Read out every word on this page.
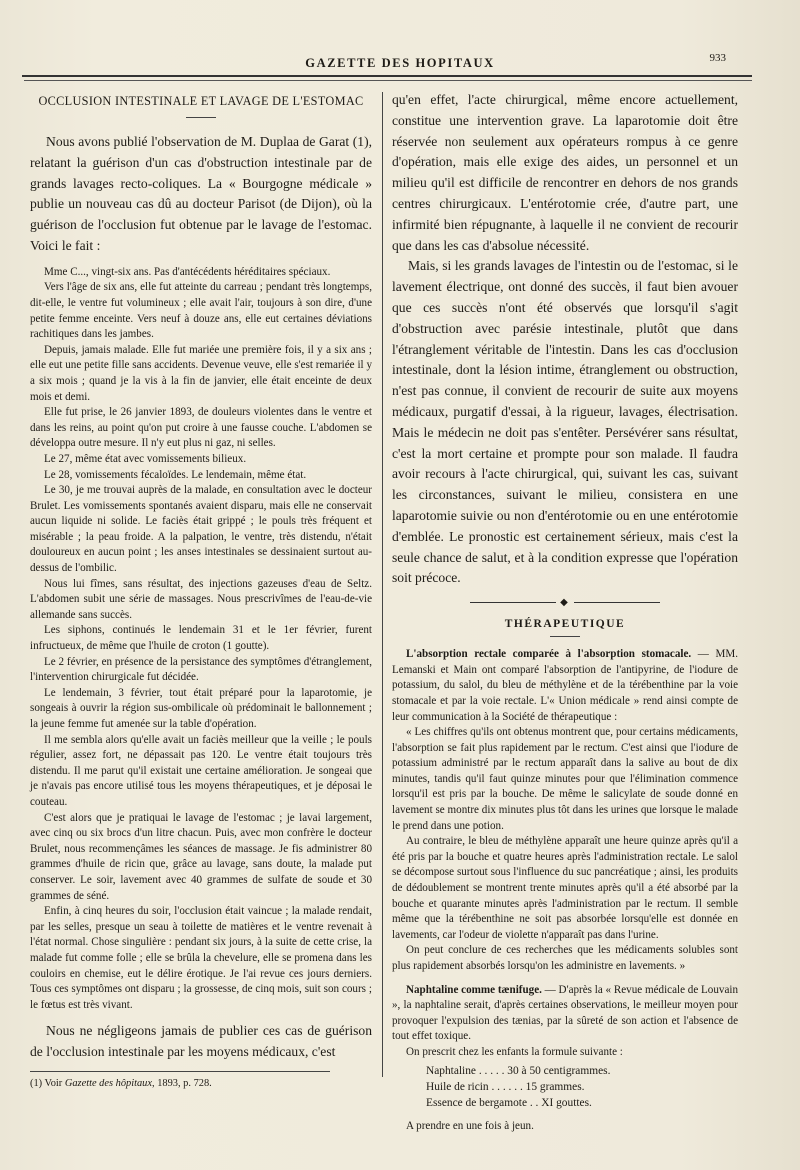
GAZETTE DES HOPITAUX	933
OCCLUSION INTESTINALE ET LAVAGE DE L'ESTOMAC

Nous avons publié l'observation de M. Duplaa de Garat (1), relatant la guérison d'un cas d'obstruction intestinale par de grands lavages recto-coliques. La « Bourgogne médicale » publie un nouveau cas dû au docteur Parisot (de Dijon), où la guérison de l'occlusion fut obtenue par le lavage de l'estomac. Voici le fait :

Mme C..., vingt-six ans. Pas d'antécédents héréditaires spéciaux.

Vers l'âge de six ans, elle fut atteinte du carreau ; pendant très longtemps, dit-elle, le ventre fut volumineux ; elle avait l'air, toujours à son dire, d'une petite femme enceinte. Vers neuf à douze ans, elle eut certaines déviations rachitiques dans les jambes.

Depuis, jamais malade. Elle fut mariée une première fois, il y a six ans ; elle eut une petite fille sans accidents. Devenue veuve, elle s'est remariée il y a six mois ; quand je la vis à la fin de janvier, elle était enceinte de deux mois et demi.

Elle fut prise, le 26 janvier 1893, de douleurs violentes dans le ventre et dans les reins, au point qu'on put croire à une fausse couche. L'abdomen se développa outre mesure. Il n'y eut plus ni gaz, ni selles.

Le 27, même état avec vomissements bilieux.

Le 28, vomissements fécaloïdes. Le lendemain, même état.

Le 30, je me trouvai auprès de la malade, en consultation avec le docteur Brulet. Les vomissements spontanés avaient disparu, mais elle ne conservait aucun liquide ni solide. Le faciès était grippé ; le pouls très fréquent et misérable ; la peau froide. A la palpation, le ventre, très distendu, n'était douloureux en aucun point ; les anses intestinales se dessinaient surtout au-dessus de l'ombilic.

Nous lui fîmes, sans résultat, des injections gazeuses d'eau de Seltz. L'abdomen subit une série de massages. Nous prescrivîmes de l'eau-de-vie allemande sans succès.

Les siphons, continués le lendemain 31 et le 1er février, furent infructueux, de même que l'huile de croton (1 goutte).

Le 2 février, en présence de la persistance des symptômes d'étranglement, l'intervention chirurgicale fut décidée.

Le lendemain, 3 février, tout était préparé pour la laparotomie, je songeais à ouvrir la région sus-ombilicale où prédominait le ballonnement ; la jeune femme fut amenée sur la table d'opération.

Il me sembla alors qu'elle avait un faciès meilleur que la veille ; le pouls régulier, assez fort, ne dépassait pas 120. Le ventre était toujours très distendu. Il me parut qu'il existait une certaine amélioration. Je songeai que je n'avais pas encore utilisé tous les moyens thérapeutiques, et je déposai le couteau.

C'est alors que je pratiquai le lavage de l'estomac ; je lavai largement, avec cinq ou six brocs d'un litre chacun. Puis, avec mon confrère le docteur Brulet, nous recommençâmes les séances de massage. Je fis administrer 80 grammes d'huile de ricin que, grâce au lavage, sans doute, la malade put conserver. Le soir, lavement avec 40 grammes de sulfate de soude et 30 grammes de séné.

Enfin, à cinq heures du soir, l'occlusion était vaincue ; la malade rendait, par les selles, presque un seau à toilette de matières et le ventre revenait à l'état normal. Chose singulière : pendant six jours, à la suite de cette crise, la malade fut comme folle ; elle se brûla la chevelure, elle se promena dans les couloirs en chemise, eut le délire érotique. Je l'ai revue ces jours derniers. Tous ces symptômes ont disparu ; la grossesse, de cinq mois, suit son cours ; le fœtus est très vivant.

Nous ne négligeons jamais de publier ces cas de guérison de l'occlusion intestinale par les moyens médicaux, c'est

(1) Voir Gazette des hôpitaux, 1893, p. 728.

qu'en effet, l'acte chirurgical, même encore actuellement, constitue une intervention grave. La laparotomie doit être réservée non seulement aux opérateurs rompus à ce genre d'opération, mais elle exige des aides, un personnel et un milieu qu'il est difficile de rencontrer en dehors de nos grands centres chirurgicaux. L'entérotomie crée, d'autre part, une infirmité bien répugnante, à laquelle il ne convient de recourir que dans les cas d'absolue nécessité.

Mais, si les grands lavages de l'intestin ou de l'estomac, si le lavement électrique, ont donné des succès, il faut bien avouer que ces succès n'ont été observés que lorsqu'il s'agit d'obstruction avec parésie intestinale, plutôt que dans l'étranglement véritable de l'intestin. Dans les cas d'occlusion intestinale, dont la lésion intime, étranglement ou obstruction, n'est pas connue, il convient de recourir de suite aux moyens médicaux, purgatif d'essai, à la rigueur, lavages, électrisation. Mais le médecin ne doit pas s'entêter. Persévérer sans résultat, c'est la mort certaine et prompte pour son malade. Il faudra avoir recours à l'acte chirurgical, qui, suivant les cas, suivant les circonstances, suivant le milieu, consistera en une laparotomie suivie ou non d'entérotomie ou en une entérotomie d'emblée. Le pronostic est certainement sérieux, mais c'est la seule chance de salut, et à la condition expresse que l'opération soit précoce.

◆
THÉRAPEUTIQUE

L'absorption rectale comparée à l'absorption stomacale. — MM. Lemanski et Main ont comparé l'absorption de l'antipyrine, de l'iodure de potassium, du salol, du bleu de méthylène et de la térébenthine par la voie stomacale et par la voie rectale. L'« Union médicale » rend ainsi compte de leur communication à la Société de thérapeutique :

« Les chiffres qu'ils ont obtenus montrent que, pour certains médicaments, l'absorption se fait plus rapidement par le rectum. C'est ainsi que l'iodure de potassium administré par le rectum apparaît dans la salive au bout de dix minutes, tandis qu'il faut quinze minutes pour que l'élimination commence lorsqu'il est pris par la bouche. De même le salicylate de soude donné en lavement se montre dix minutes plus tôt dans les urines que lorsque le malade le prend dans une potion.

Au contraire, le bleu de méthylène apparaît une heure quinze après qu'il a été pris par la bouche et quatre heures après l'administration rectale. Le salol se décompose surtout sous l'influence du suc pancréatique ; ainsi, les produits de dédoublement se montrent trente minutes après qu'il a été absorbé par la bouche et quarante minutes après l'administration par le rectum. Il semble même que la térébenthine ne soit pas absorbée lorsqu'elle est donnée en lavements, car l'odeur de violette n'apparaît pas dans l'urine.

On peut conclure de ces recherches que les médicaments solubles sont plus rapidement absorbés lorsqu'on les administre en lavements. »

Naphtaline comme tænifuge. — D'après la « Revue médicale de Louvain », la naphtaline serait, d'après certaines observations, le meilleur moyen pour provoquer l'expulsion des tænias, par la sûreté de son action et l'absence de tout effet toxique.

On prescrit chez les enfants la formule suivante :

Naphtaline . . . . . 30 à 50 centigrammes.
Huile de ricin . . . . . . 15 grammes.
Essence de bergamote . . XI gouttes.

A prendre en une fois à jeun.
